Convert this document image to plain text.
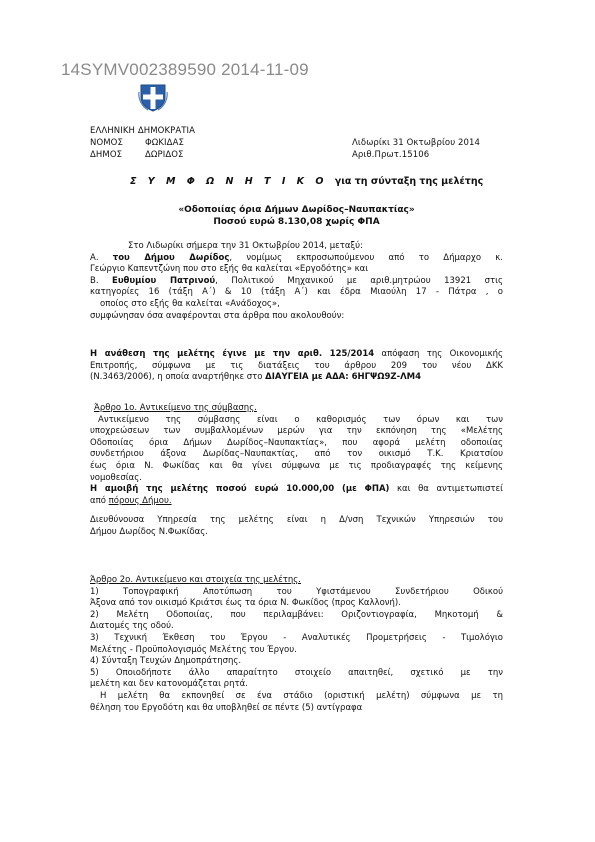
14SYMV002389590 2014-11-09
ΕΛΛΗΝΙΚΗ ΔΗΜΟΚΡΑΤΙΑ
ΝΟΜΟΣ	ΦΩΚΙΔΑΣ
ΔΗΜΟΣ	ΔΩΡΙΔΟΣ
Λιδωρίκι 31 Οκτωβρίου 2014
Αριθ.Πρωτ.15106
Σ Υ Μ Φ Ω Ν Η Τ Ι Κ Ο για τη σύνταξη της μελέτης
«Οδοποιίας όρια Δήμων Δωρίδος–Ναυπακτίας»
Ποσού ευρώ 8.130,08 χωρίς ΦΠΑ
Στο Λιδωρίκι σήμερα την 31 Οκτωβρίου 2014, μεταξύ:
Α. του Δήμου Δωρίδος, νομίμως εκπροσωπούμενου από το Δήμαρχο κ.
Γεώργιο Καπεντζώνη που στο εξής θα καλείται «Εργοδότης» και
Β. Ευθυμίου Πατρινού, Πολιτικού Μηχανικού με αριθ.μητρώου 13921 στις
κατηγορίες 16 (τάξη Α΄) & 10 (τάξη Α΄) και έδρα Μιαούλη 17 - Πάτρα , ο
οποίος στο εξής θα καλείται «Ανάδοχος»,
συμφώνησαν όσα αναφέρονται στα άρθρα που ακολουθούν:
Η ανάθεση της μελέτης έγινε με την αριθ. 125/2014 απόφαση της Οικονομικής
Επιτροπής, σύμφωνα με τις διατάξεις του άρθρου 209 του νέου ΔΚΚ
(Ν.3463/2006), η οποία αναρτήθηκε στο ΔΙΑΥΓΕΙΑ με ΑΔΑ: 6ΗΓΨΩ9Ζ-ΛΜ4
Άρθρο 1ο. Αντικείμενο της σύμβασης.
Αντικείμενο της σύμβασης είναι ο καθορισμός των όρων και των
υποχρεώσεων των συμβαλλομένων μερών για την εκπόνηση της «Μελέτης
Οδοποιίας όρια Δήμων Δωρίδος–Ναυπακτίας», που αφορά μελέτη οδοποιίας
συνδετήριου άξονα Δωρίδας–Ναυπακτίας, από τον οικισμό Τ.Κ. Κριατσίου
έως όρια Ν. Φωκίδας και θα γίνει σύμφωνα με τις προδιαγραφές της κείμενης
νομοθεσίας.
Η αμοιβή της μελέτης ποσού ευρώ 10.000,00 (με ΦΠΑ) και θα αντιμετωπιστεί
από πόρους Δήμου.
Διευθύνουσα Υπηρεσία της μελέτης είναι η Δ/νση Τεχνικών Υπηρεσιών του
Δήμου Δωρίδος Ν.Φωκίδας.
Άρθρο 2ο. Αντικείμενο και στοιχεία της μελέτης.
1) Τοπογραφική Αποτύπωση του Υφιστάμενου Συνδετήριου Οδικού
Άξονα από τον οικισμό Κριάτσι έως τα όρια Ν. Φωκίδος (προς Καλλονή).
2) Μελέτη Οδοποιίας, που περιλαμβάνει: Οριζοντιογραφία, Μηκοτομή &
Διατομές της οδού.
3) Τεχνική Έκθεση του Έργου - Αναλυτικές Προμετρήσεις - Τιμολόγιο
Μελέτης - Προϋπολογισμός Μελέτης του Έργου.
4) Σύνταξη Τευχών Δημοπράτησης.
5) Οποιοδήποτε άλλο απαραίτητο στοιχείο απαιτηθεί, σχετικό με την
μελέτη και δεν κατονομάζεται ρητά.
Η μελέτη θα εκπονηθεί σε ένα στάδιο (οριστική μελέτη) σύμφωνα με τη
θέληση του Εργοδότη και θα υποβληθεί σε πέντε (5) αντίγραφα
